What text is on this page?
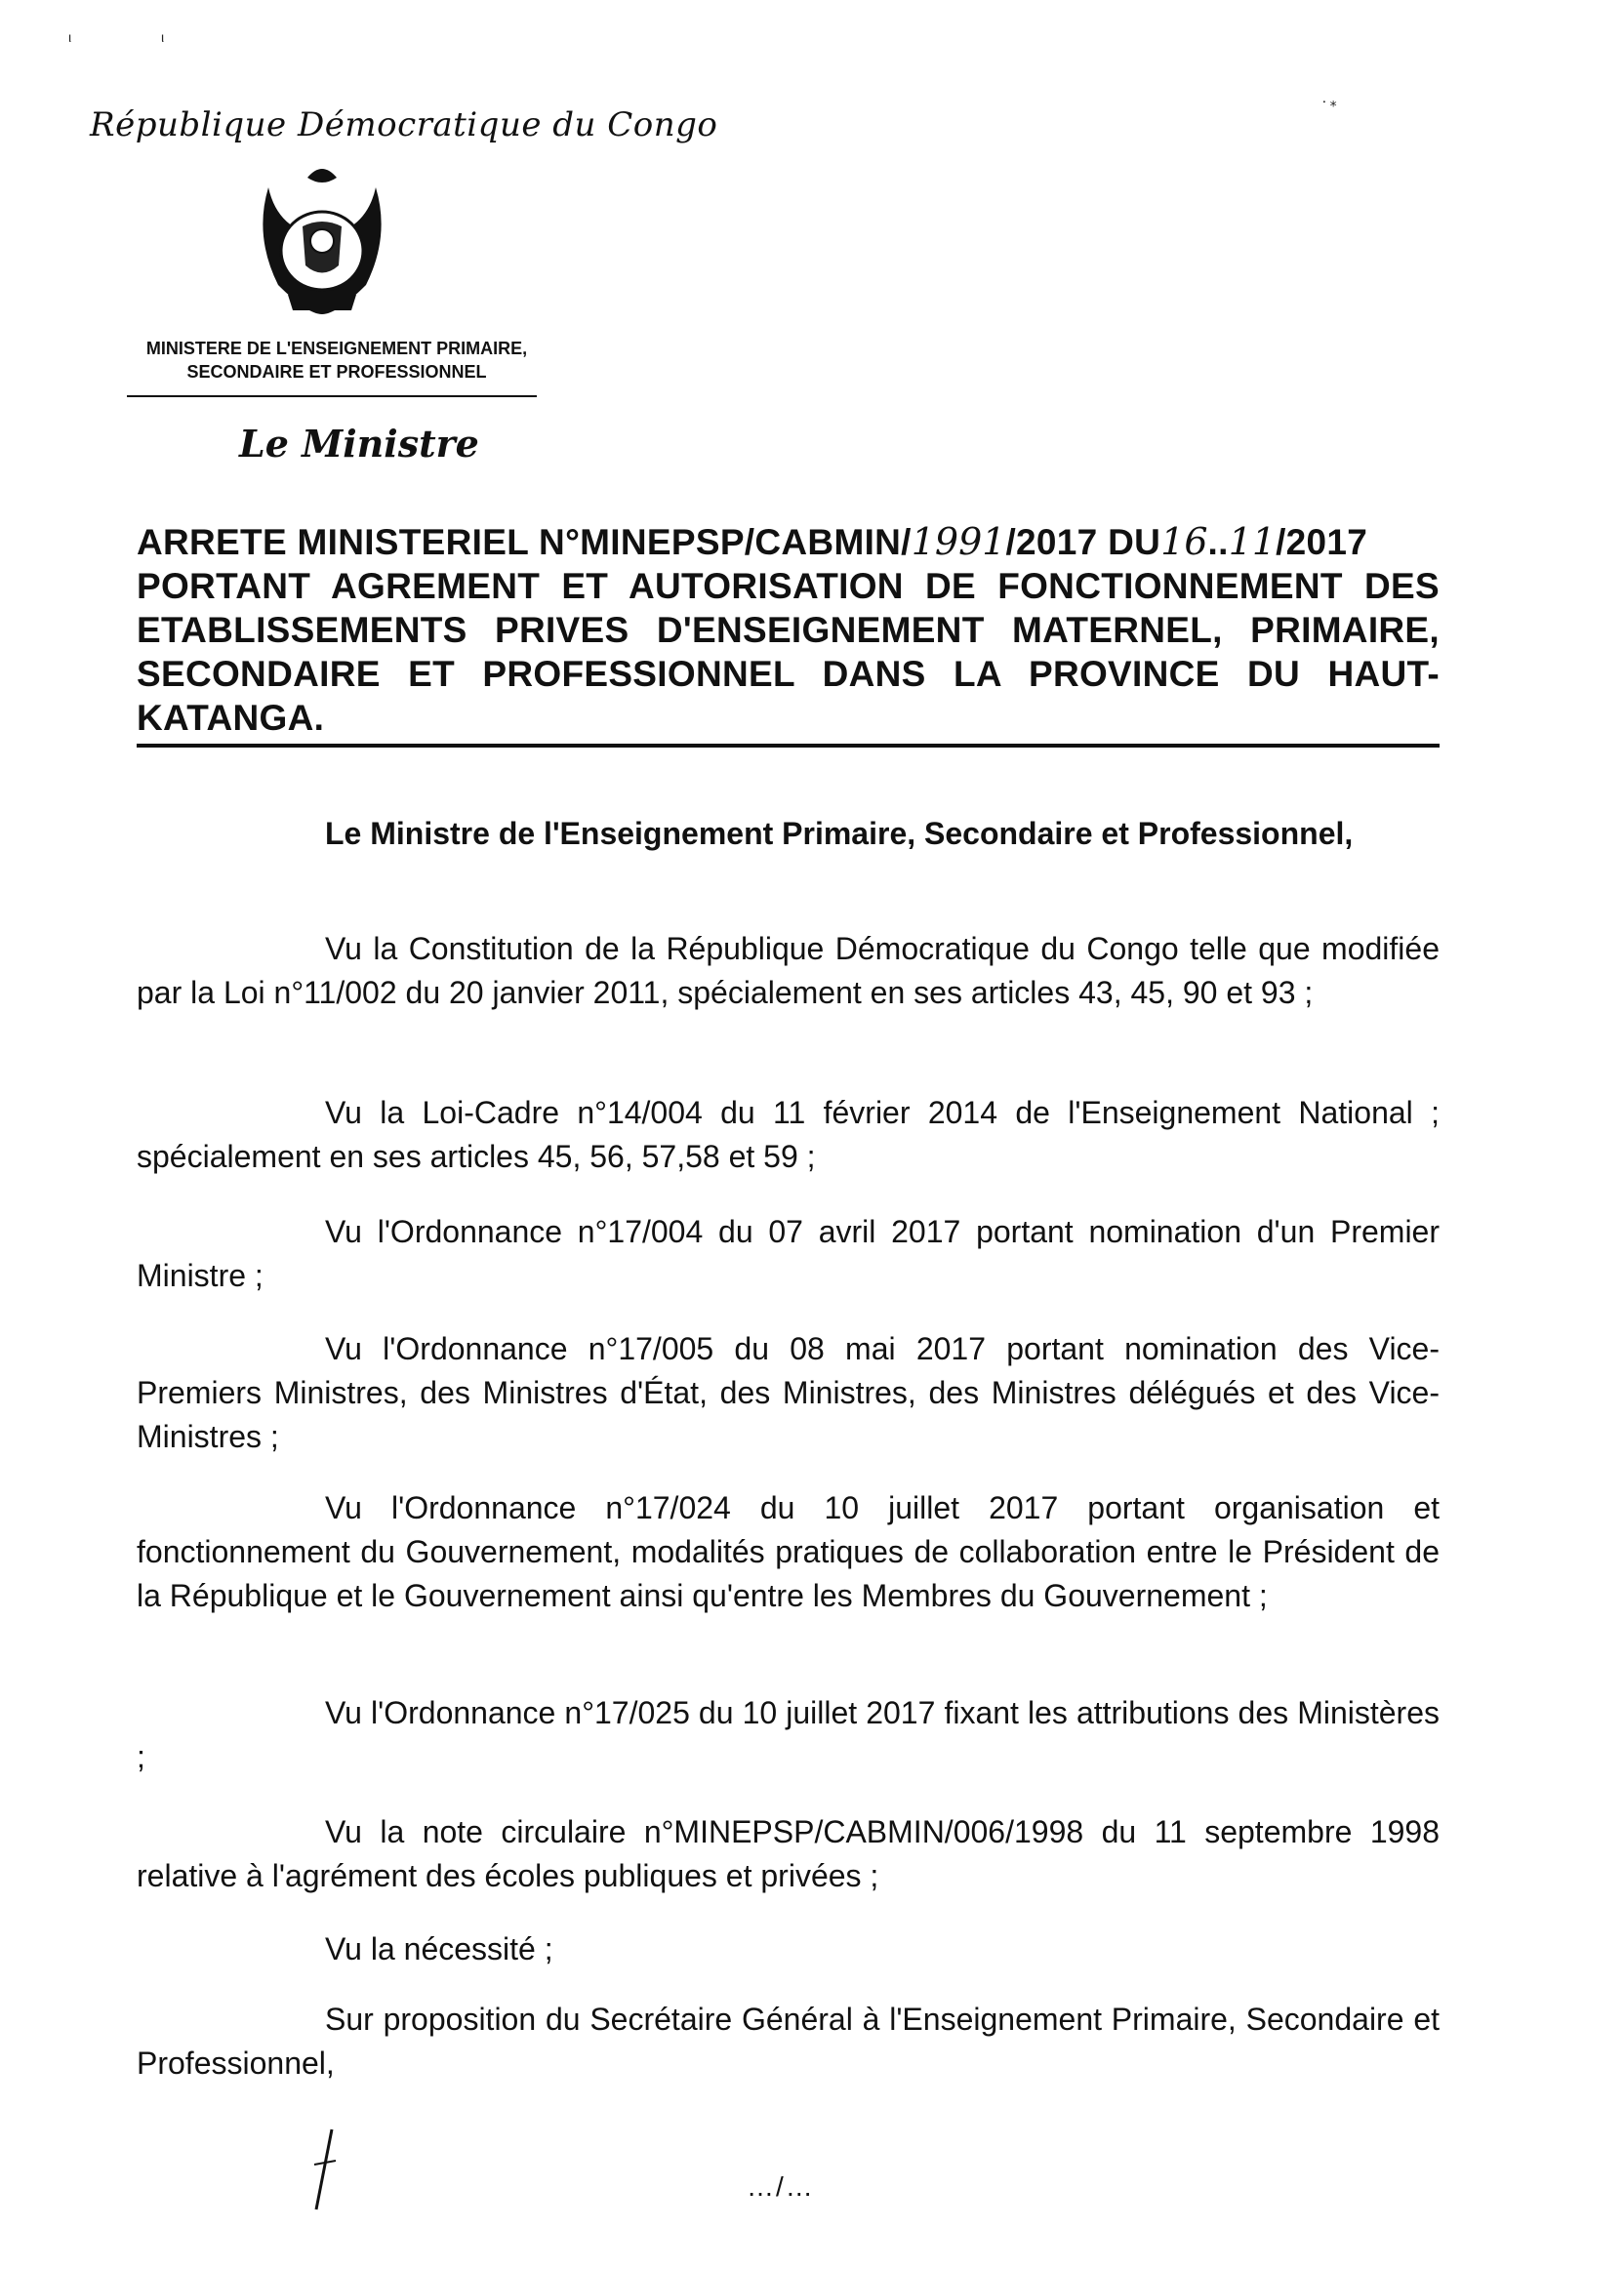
ι	ι
⸱ ⁎
République Démocratique du Congo
MINISTERE DE L'ENSEIGNEMENT PRIMAIRE,
SECONDAIRE ET PROFESSIONNEL
Le Ministre
ARRETE MINISTERIEL N°MINEPSP/CABMIN/1991/2017 DU16..11/2017
PORTANT AGREMENT ET AUTORISATION DE FONCTIONNEMENT DES ETABLISSEMENTS PRIVES D'ENSEIGNEMENT MATERNEL, PRIMAIRE, SECONDAIRE ET PROFESSIONNEL DANS LA PROVINCE DU HAUT-KATANGA.
Le Ministre de l'Enseignement Primaire, Secondaire et Professionnel,
Vu la Constitution de la République Démocratique du Congo telle que modifiée par la Loi n°11/002 du 20 janvier 2011, spécialement en ses articles 43, 45, 90 et 93 ;
Vu la Loi-Cadre n°14/004 du 11 février 2014 de l'Enseignement National ; spécialement en ses articles 45, 56, 57,58 et 59 ;
Vu l'Ordonnance n°17/004 du 07 avril 2017 portant nomination d'un Premier Ministre ;
Vu l'Ordonnance n°17/005 du 08 mai 2017 portant nomination des Vice-Premiers Ministres, des Ministres d'État, des Ministres, des Ministres délégués et des Vice-Ministres ;
Vu l'Ordonnance n°17/024 du 10 juillet 2017 portant organisation et fonctionnement du Gouvernement, modalités pratiques de collaboration entre le Président de la République et le Gouvernement ainsi qu'entre les Membres du Gouvernement ;
Vu l'Ordonnance n°17/025 du 10 juillet 2017 fixant les attributions des Ministères ;
Vu la note circulaire n°MINEPSP/CABMIN/006/1998 du 11 septembre 1998 relative à l'agrément des écoles publiques et privées ;
Vu la nécessité ;
Sur proposition du Secrétaire Général à l'Enseignement Primaire, Secondaire et Professionnel,
…/…
